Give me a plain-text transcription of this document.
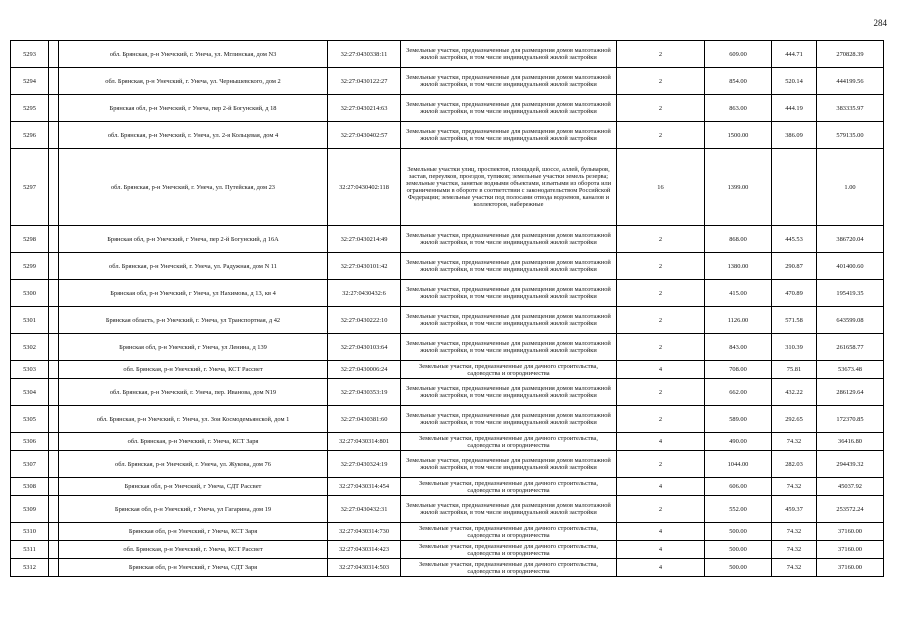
284
5293		обл. Брянская, р-н Унечский, г. Унеча, ул. Мглинская, дом N3	32:27:0430338:11	Земельные участки, предназначенные для размещения домов малоэтажной жилой застройки, в том числе индивидуальной жилой застройки	2	609.00	444.71	270828.39
5294		обл. Брянская, р-н Унечский, г. Унеча, ул. Чернышевского, дом 2	32:27:0430122:27	Земельные участки, предназначенные для размещения домов малоэтажной жилой застройки, в том числе индивидуальной жилой застройки	2	854.00	520.14	444199.56
5295		Брянская обл, р-н Унечский, г Унеча, пер 2-й Богунский, д 18	32:27:0430214:63	Земельные участки, предназначенные для размещения домов малоэтажной жилой застройки, в том числе индивидуальной жилой застройки	2	863.00	444.19	383335.97
5296		обл. Брянская, р-н Унечский, г. Унеча, ул. 2-я Кольцевая, дом 4	32:27:0430402:57	Земельные участки, предназначенные для размещения домов малоэтажной жилой застройки, в том числе индивидуальной жилой застройки	2	1500.00	386.09	579135.00
5297		обл. Брянская, р-н Унечский, г. Унеча, ул. Путейская, дом 23	32:27:0430402:118	Земельные участки улиц, проспектов, площадей, шоссе, аллей, бульваров, застав, переулков, проездов, тупиков; земельные участки земель резерва; земельные участки, занятые водными объектами, изъятыми из оборота или ограниченными в обороте в соответствии с законодательством Российской Федерации; земельные участки под полосами отвода водоемов, каналов и коллекторов, набережные	16	1399.00		1.00
5298		Брянская обл, р-н Унечский, г Унеча, пер 2-й Богунский, д 16А	32:27:0430214:49	Земельные участки, предназначенные для размещения домов малоэтажной жилой застройки, в том числе индивидуальной жилой застройки	2	868.00	445.53	386720.04
5299		обл. Брянская, р-н Унечский, г. Унеча, ул. Радужная, дом N 11	32:27:0430101:42	Земельные участки, предназначенные для размещения домов малоэтажной жилой застройки, в том числе индивидуальной жилой застройки	2	1380.00	290.87	401400.60
5300		Брянская обл, р-н Унечский, г Унеча, ул Нахимова, д 13, кв 4	32:27:0430432:6	Земельные участки, предназначенные для размещения домов малоэтажной жилой застройки, в том числе индивидуальной жилой застройки	2	415.00	470.89	195419.35
5301		Брянская область, р-н Унечский, г. Унеча, ул Транспортная, д 42	32:27:0430222:10	Земельные участки, предназначенные для размещения домов малоэтажной жилой застройки, в том числе индивидуальной жилой застройки	2	1126.00	571.58	643599.08
5302		Брянская обл, р-н Унечский, г Унеча, ул Ленина, д 139	32:27:0430103:64	Земельные участки, предназначенные для размещения домов малоэтажной жилой застройки, в том числе индивидуальной жилой застройки	2	843.00	310.39	261658.77
5303		обл. Брянская, р-н Унечский, г. Унеча, КСТ Рассвет	32:27:0430006:24	Земельные участки, предназначенные для дачного строительства, садоводства и огородничества	4	708.00	75.81	53673.48
5304		обл. Брянская, р-н Унечский, г. Унеча, пер. Иванова, дом N19	32:27:0430353:19	Земельные участки, предназначенные для размещения домов малоэтажной жилой застройки, в том числе индивидуальной жилой застройки	2	662.00	432.22	286129.64
5305		обл. Брянская, р-н Унечский, г. Унеча, ул. Зои Космодемьянской, дом 1	32:27:0430381:60	Земельные участки, предназначенные для размещения домов малоэтажной жилой застройки, в том числе индивидуальной жилой застройки	2	589.00	292.65	172370.85
5306		обл. Брянская, р-н Унечский, г. Унеча, КСТ Заря	32:27:0430314:801	Земельные участки, предназначенные для дачного строительства, садоводства и огородничества	4	490.00	74.32	36416.80
5307		обл. Брянская, р-н Унечский, г. Унеча, ул. Жукова, дом 76	32:27:0430324:19	Земельные участки, предназначенные для размещения домов малоэтажной жилой застройки, в том числе индивидуальной жилой застройки	2	1044.00	282.03	294439.32
5308		Брянская обл, р-н Унечский, г Унеча, СДТ Рассвет	32:27:0430314:454	Земельные участки, предназначенные для дачного строительства, садоводства и огородничества	4	606.00	74.32	45037.92
5309		Брянская обл, р-н Унечский, г Унеча, ул Гагарина, дом 19	32:27:0430432:31	Земельные участки, предназначенные для размещения домов малоэтажной жилой застройки, в том числе индивидуальной жилой застройки	2	552.00	459.37	253572.24
5310		Брянская обл, р-н Унечский, г Унеча, КСТ Заря	32:27:0430314:730	Земельные участки, предназначенные для дачного строительства, садоводства и огородничества	4	500.00	74.32	37160.00
5311		обл. Брянская, р-н Унечский, г. Унеча, КСТ Рассвет	32:27:0430314:423	Земельные участки, предназначенные для дачного строительства, садоводства и огородничества	4	500.00	74.32	37160.00
5312		Брянская обл, р-н Унечский, г Унеча, СДТ Заря	32:27:0430314:503	Земельные участки, предназначенные для дачного строительства, садоводства и огородничества	4	500.00	74.32	37160.00
